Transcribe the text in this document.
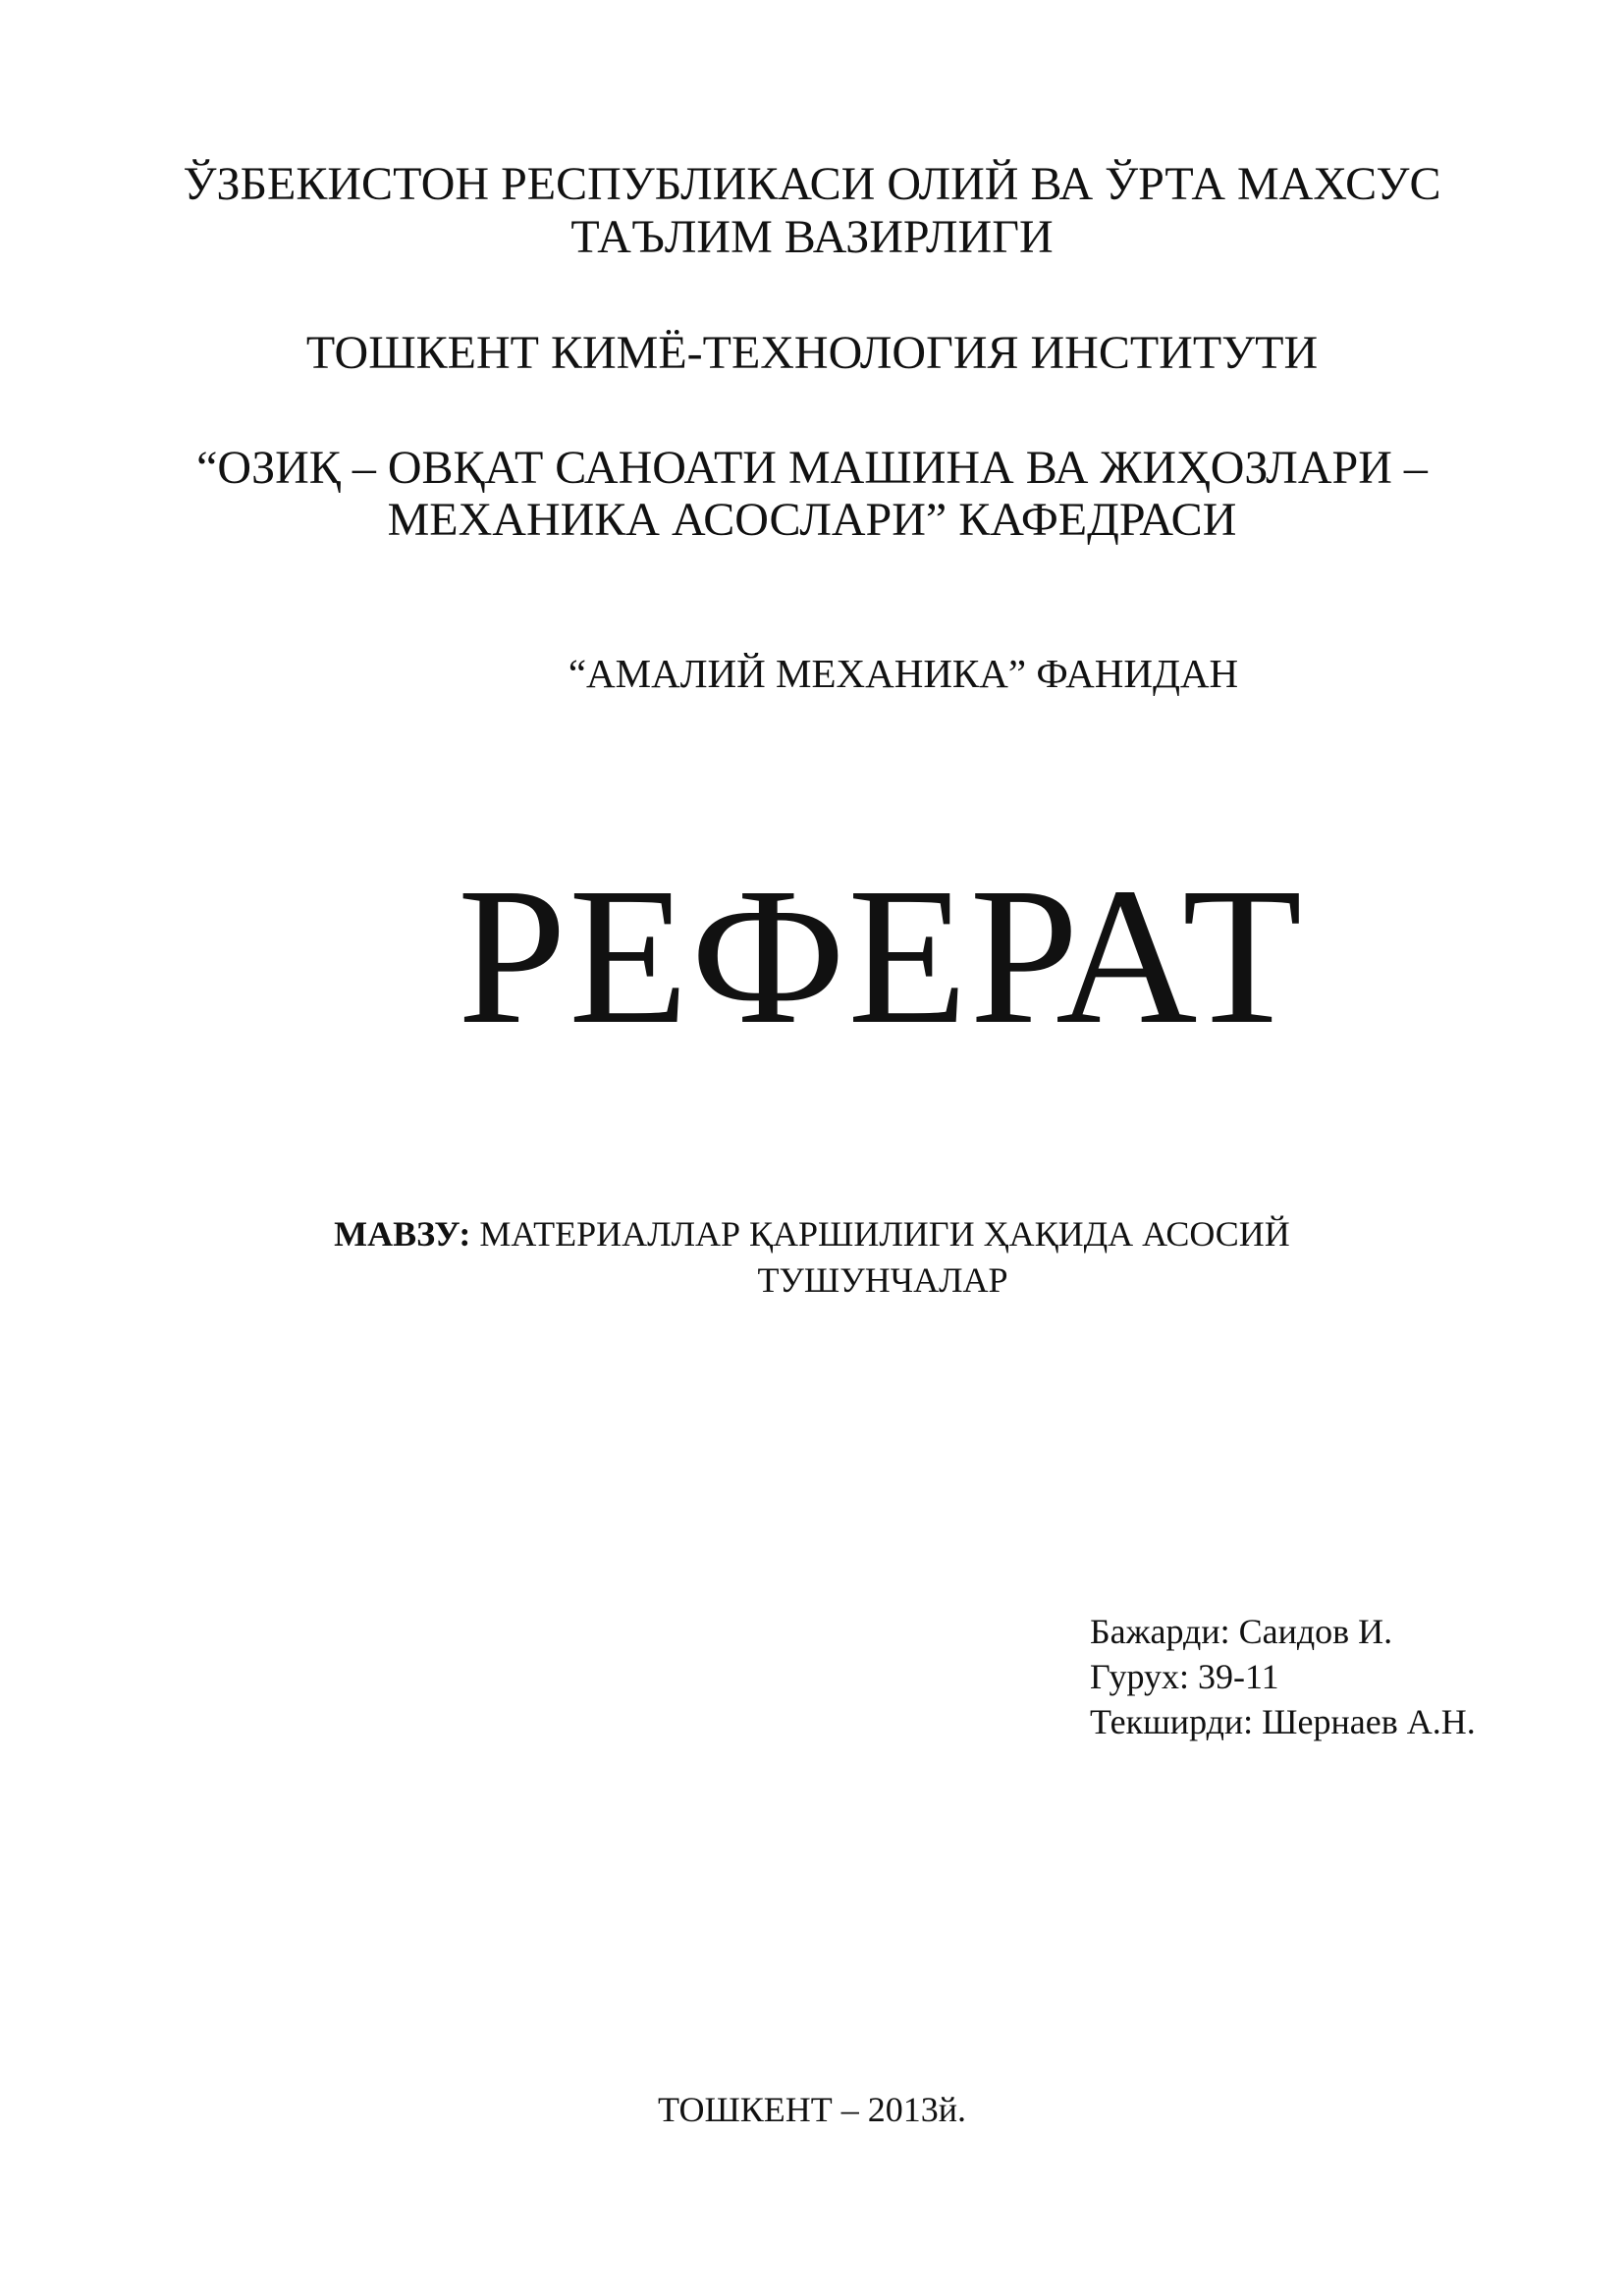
ЎЗБЕКИСТОН РЕСПУБЛИКАСИ ОЛИЙ ВА ЎРТА МАХСУС
ТАЪЛИМ ВАЗИРЛИГИ
ТОШКЕНТ КИМЁ-ТЕХНОЛОГИЯ ИНСТИТУТИ
“ОЗИҚ – ОВҚАТ САНОАТИ МАШИНА ВА ЖИҲОЗЛАРИ –
МЕХАНИКА АСОСЛАРИ” КАФЕДРАСИ
“АМАЛИЙ МЕХАНИКА” ФАНИДАН
РЕФЕРАТ
МАВЗУ: МАТЕРИАЛЛАР ҚАРШИЛИГИ ҲАҚИДА АСОСИЙ
ТУШУНЧАЛАР
Бажарди: Саидов И.
Гурух: 39-11
Текширди: Шернаев А.Н.
ТОШКЕНТ – 2013й.
